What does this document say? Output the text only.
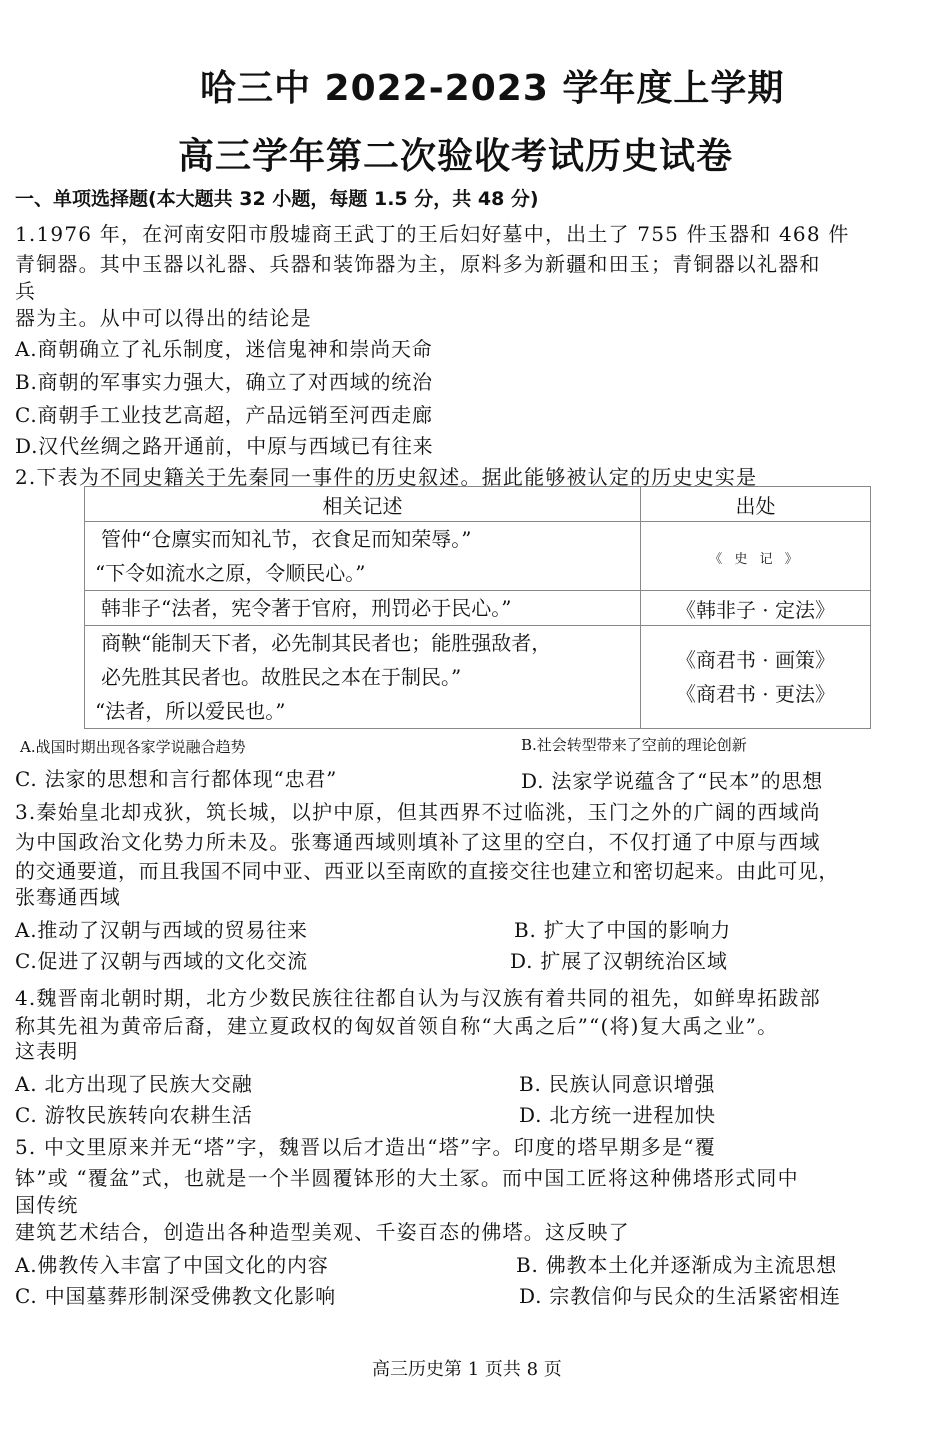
哈三中 2022-2023 学年度上学期
高三学年第二次验收考试历史试卷
一、单项选择题(本大题共 32 小题，每题 1.5 分，共 48 分)
1.1976 年，在河南安阳市殷墟商王武丁的王后妇好墓中，出土了 755 件玉器和 468 件
青铜器。其中玉器以礼器、兵器和装饰器为主，原料多为新疆和田玉；青铜器以礼器和
兵
器为主。从中可以得出的结论是
A.商朝确立了礼乐制度，迷信鬼神和崇尚天命
B.商朝的军事实力强大，确立了对西域的统治
C.商朝手工业技艺高超，产品远销至河西走廊
D.汉代丝绸之路开通前，中原与西域已有往来
2.下表为不同史籍关于先秦同一事件的历史叙述。据此能够被认定的历史史实是
相关记述	出处

管仲“仓廪实而知礼节，衣食足而知荣辱。”
“下令如流水之原，令顺民心。”	《 史 记 》

韩非子“法者，宪令著于官府，刑罚必于民心。”	《韩非子 · 定法》

商鞅“能制天下者，必先制其民者也；能胜强敌者，
必先胜其民者也。故胜民之本在于制民。”
“法者，所以爱民也。”	《商君书 · 画策》
《商君书 · 更法》
A.战国时期出现各家学说融合趋势	B.社会转型带来了空前的理论创新
C. 法家的思想和言行都体现“忠君”	D. 法家学说蕴含了“民本”的思想
3.秦始皇北却戎狄，筑长城，以护中原，但其西界不过临洮，玉门之外的广阔的西域尚
为中国政治文化势力所未及。张骞通西域则填补了这里的空白，不仅打通了中原与西域
的交通要道，而且我国不同中亚、西亚以至南欧的直接交往也建立和密切起来。由此可见，
张骞通西域
A.推动了汉朝与西域的贸易往来	B. 扩大了中国的影响力
C.促进了汉朝与西域的文化交流	D. 扩展了汉朝统治区域
4.魏晋南北朝时期，北方少数民族往往都自认为与汉族有着共同的祖先，如鲜卑拓跋部
称其先祖为黄帝后裔，建立夏政权的匈奴首领自称“大禹之后”“(将)复大禹之业”。
这表明
A. 北方出现了民族大交融	B. 民族认同意识增强
C. 游牧民族转向农耕生活	D. 北方统一进程加快
5. 中文里原来并无“塔”字，魏晋以后才造出“塔”字。印度的塔早期多是“覆
钵”或 “覆盆”式，也就是一个半圆覆钵形的大土冢。而中国工匠将这种佛塔形式同中
国传统
建筑艺术结合，创造出各种造型美观、千姿百态的佛塔。这反映了
A.佛教传入丰富了中国文化的内容	B. 佛教本土化并逐渐成为主流思想
C. 中国墓葬形制深受佛教文化影响	D. 宗教信仰与民众的生活紧密相连
高三历史第 1 页共 8 页
